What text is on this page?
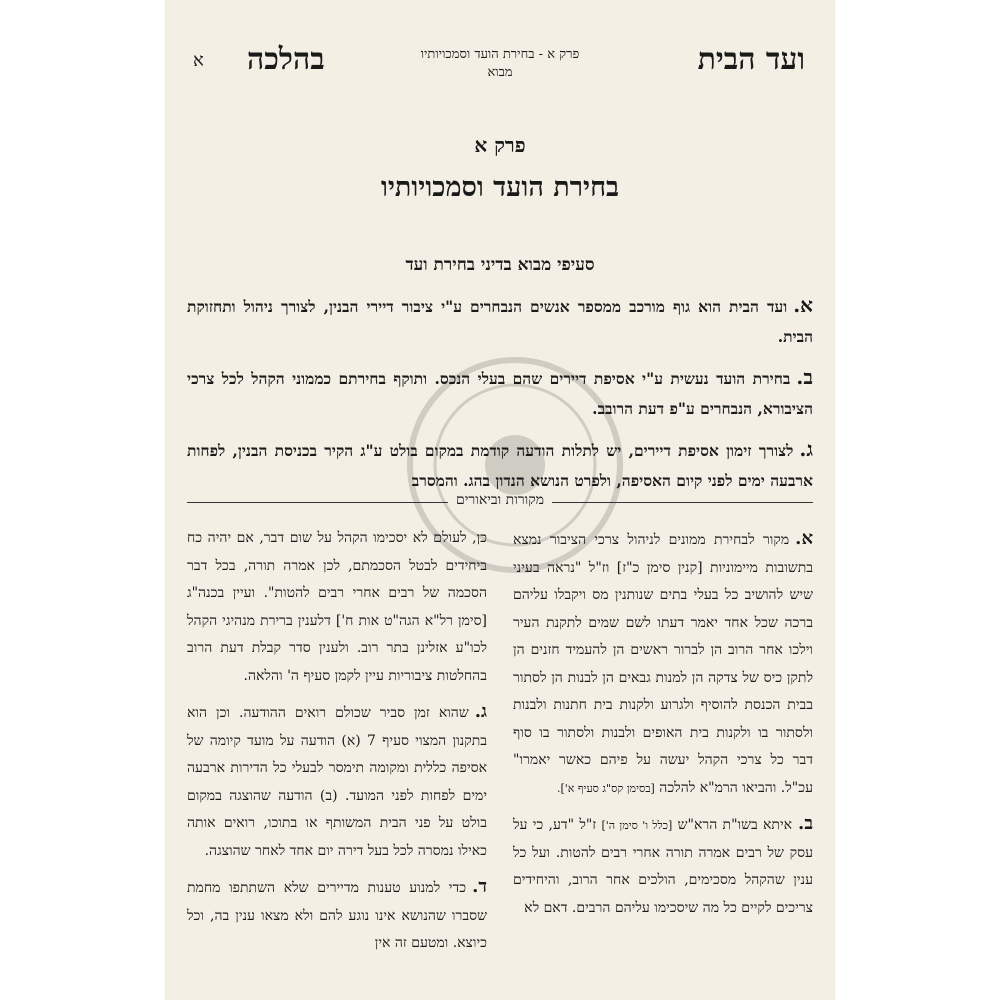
ועד הבית
פרק א - בחירת הועד וסמכויותיו
מבוא
בהלכה
א
פרק א
בחירת הועד וסמכויותיו
סעיפי מבוא בדיני בחירת ועד
א.ועד הבית הוא גוף מורכב ממספר אנשים הנבחרים ע"י ציבור דיירי הבנין, לצורך ניהול ותחזוקת הבית.
ב.בחירת הועד נעשית ע"י אסיפת דיירים שהם בעלי הנכס. ותוקף בחירתם כממוני הקהל לכל צרכי הציבורא, הנבחרים ע"פ דעת הרובב.
ג.לצורך זימון אסיפת דיירים, יש לתלות הודעה קודמת במקום בולט ע"ג הקיר בכניסת הבנין, לפחות ארבעה ימים לפני קיום האסיפה, ולפרט הנושא הנדון בהג. והמסרב
מקורות וביאורים
א.מקור לבחירת ממונים לניהול צרכי הציבור נמצא בתשובות מיימוניות [קנין סימן כ"ז] וז"ל "נראה בעיני שיש להושיב כל בעלי בתים שנותנין מס ויקבלו עליהם ברכה שכל אחד יאמר דעתו לשם שמים לתקנת העיר וילכו אחר הרוב הן לברור ראשים הן להעמיד חזנים הן לתקן כיס של צדקה הן למנות גבאים הן לבנות הן לסתור בבית הכנסת להוסיף ולגרוע ולקנות בית חתנות ולבנות ולסתור בו ולקנות בית האופים ולבנות ולסתור בו סוף דבר כל צרכי הקהל יעשה על פיהם כאשר יאמרו" עכ"ל. והביאו הרמ"א להלכה [בסימן קס"ג סעיף א'].
ב.איתא בשו"ת הרא"ש [כלל ו' סימן ה'] ז"ל "דע, כי על עסק של רבים אמרה תורה אחרי רבים להטות. ועל כל ענין שהקהל מסכימים, הולכים אחר הרוב, והיחידים צריכים לקיים כל מה שיסכימו עליהם הרבים. דאם לא
כן, לעולם לא יסכימו הקהל על שום דבר, אם יהיה כח ביחידים לבטל הסכמתם, לכן אמרה תורה, בכל דבר הסכמה של רבים אחרי רבים להטות". ועיין בכנה"ג [סימן רל"א הגה"ט אות ח'] דלענין ברירת מנהיגי הקהל לכו"ע אזלינן בתר רוב. ולענין סדר קבלת דעת הרוב בהחלטות ציבוריות עיין לקמן סעיף ה' והלאה.
ג.שהוא זמן סביר שכולם רואים ההודעה. וכן הוא בתקנון המצוי סעיף 7 (א) הודעה על מועד קיומה של אסיפה כללית ומקומה תימסר לבעלי כל הדירות ארבעה ימים לפחות לפני המועד. (ב) הודעה שהוצגה במקום בולט על פני הבית המשותף או בתוכו, רואים אותה כאילו נמסרה לכל בעל דירה יום אחד לאחר שהוצגה.
ד.כדי למנוע טענות מדיירים שלא השתתפו מחמת שסברו שהנושא אינו נוגע להם ולא מצאו ענין בה, וכל כיוצא. ומטעם זה אין
